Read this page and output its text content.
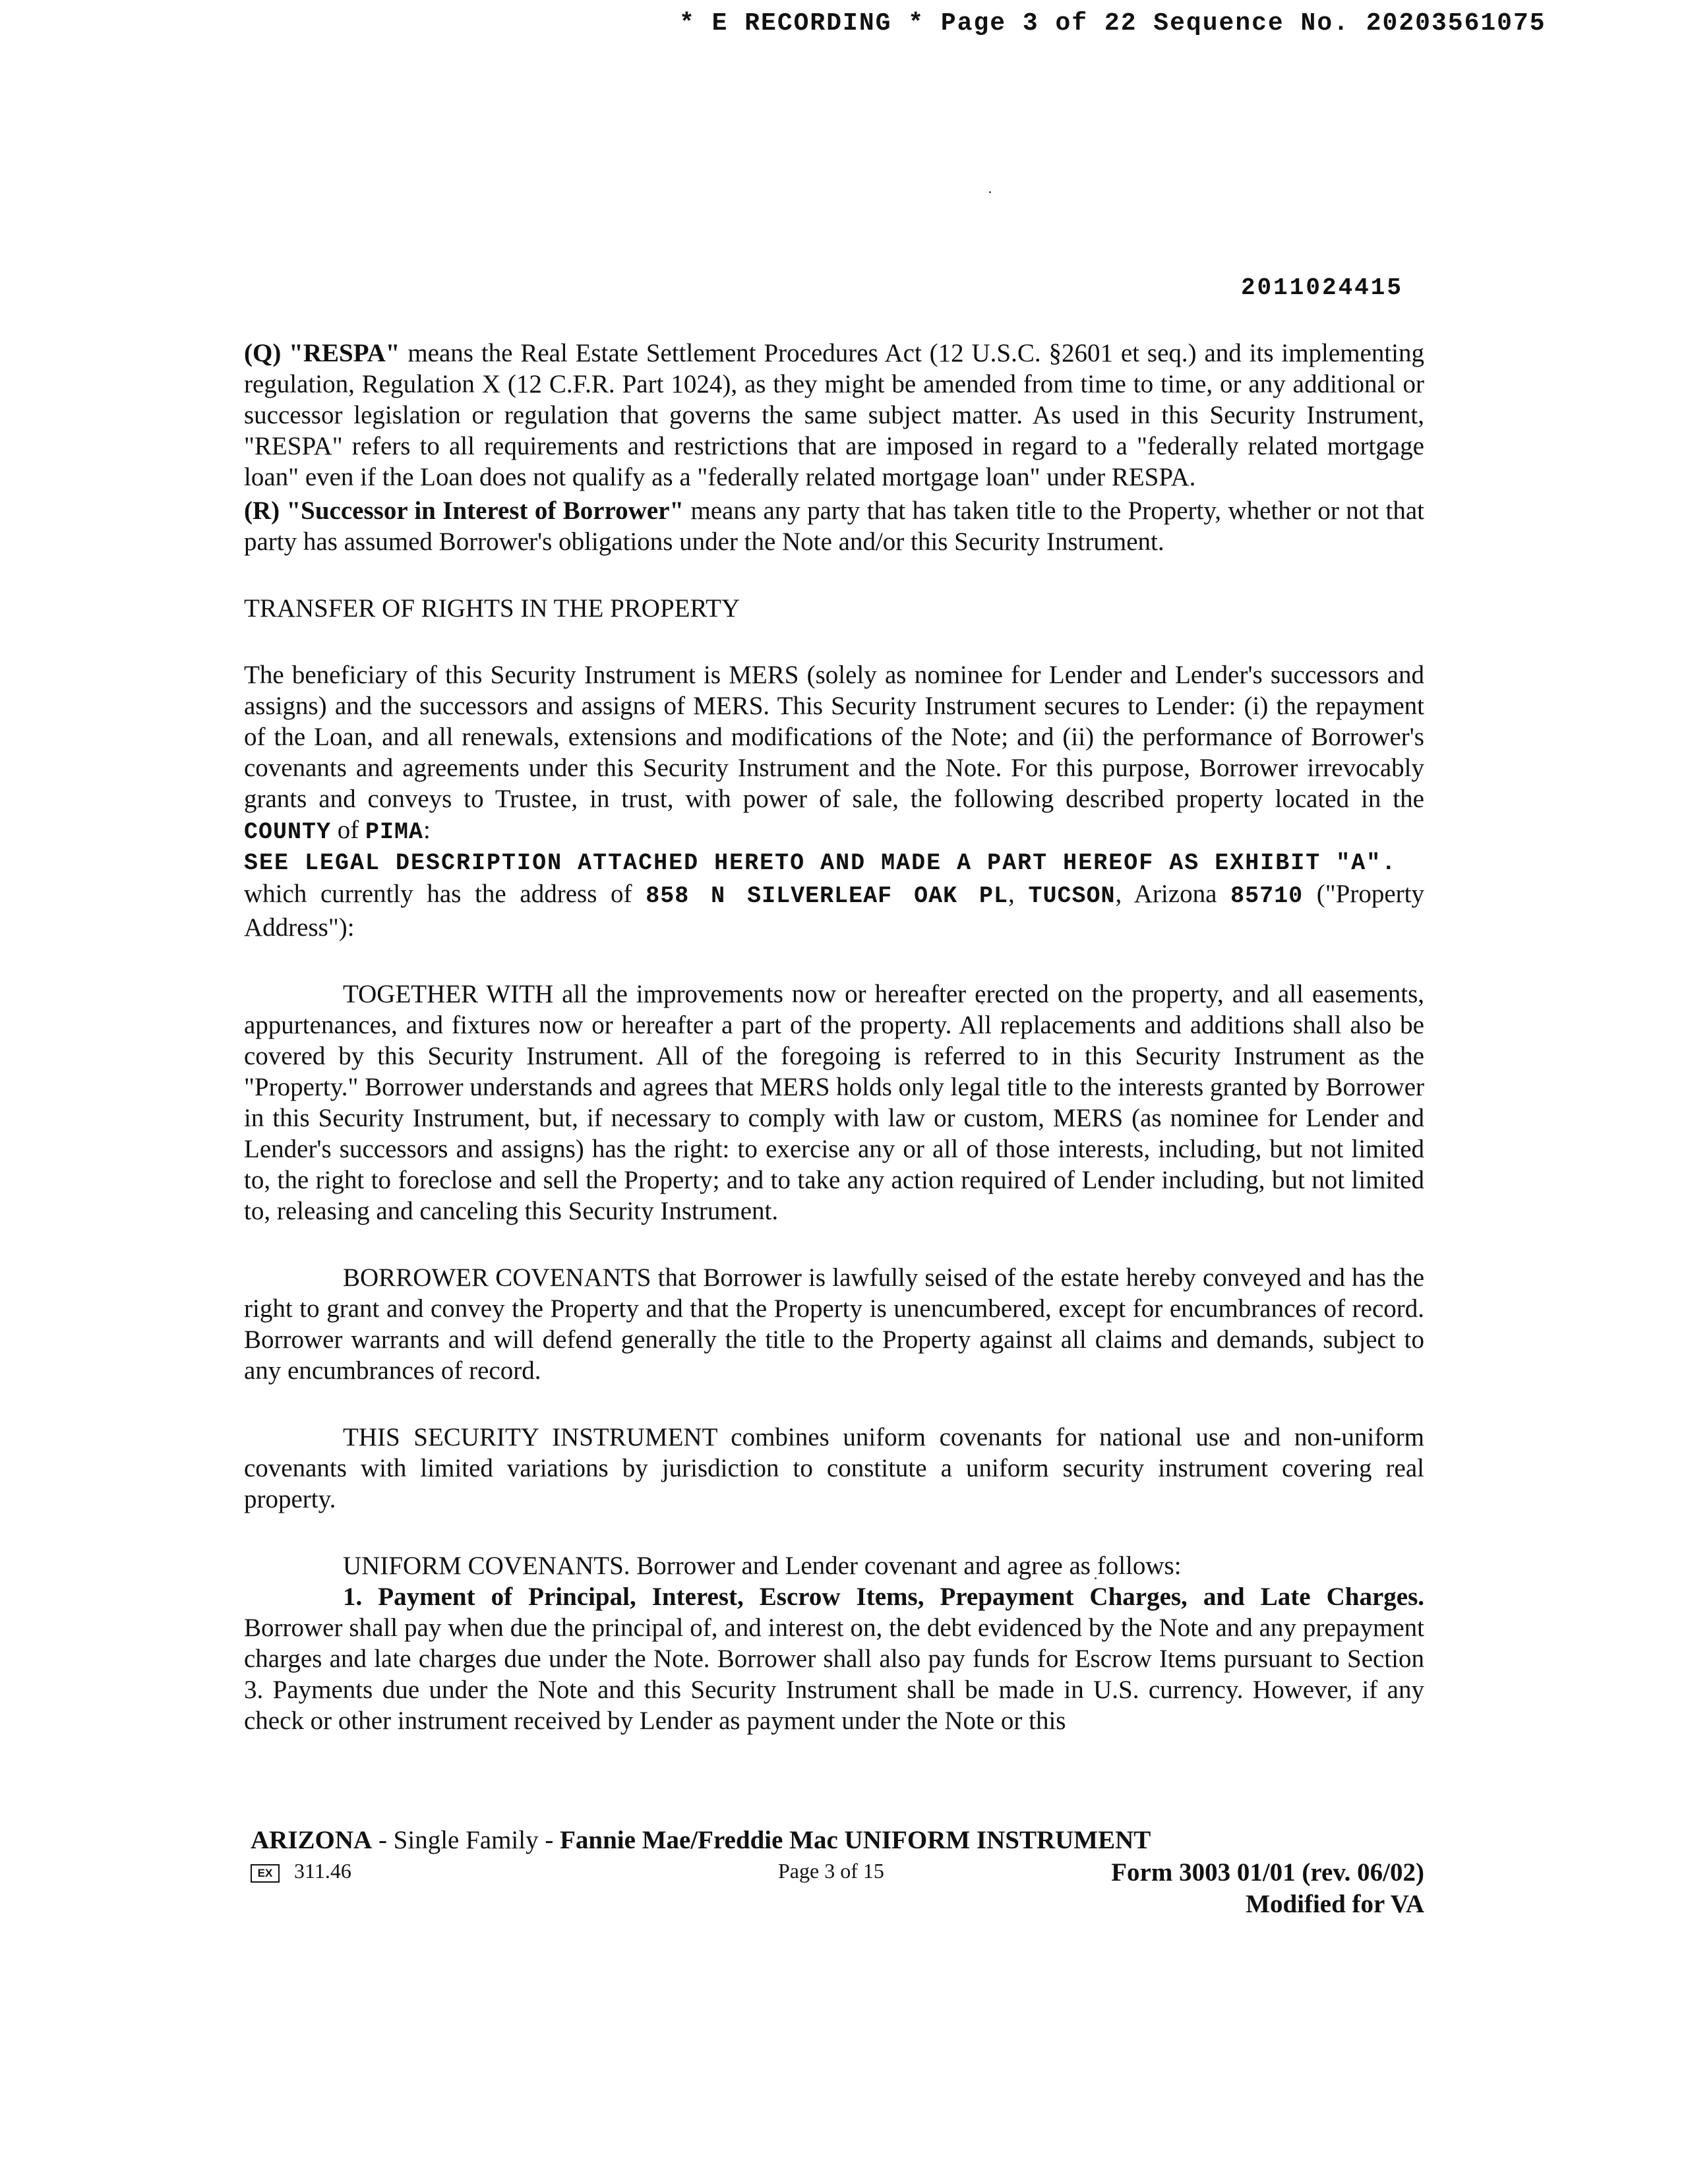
* E RECORDING * Page 3 of 22 Sequence No. 20203561075
2011024415

(Q) "RESPA" means the Real Estate Settlement Procedures Act (12 U.S.C. §2601 et seq.) and its implementing regulation, Regulation X (12 C.F.R. Part 1024), as they might be amended from time to time, or any additional or successor legislation or regulation that governs the same subject matter. As used in this Security Instrument, "RESPA" refers to all requirements and restrictions that are imposed in regard to a "federally related mortgage loan" even if the Loan does not qualify as a "federally related mortgage loan" under RESPA.

(R) "Successor in Interest of Borrower" means any party that has taken title to the Property, whether or not that party has assumed Borrower's obligations under the Note and/or this Security Instrument.

TRANSFER OF RIGHTS IN THE PROPERTY

The beneficiary of this Security Instrument is MERS (solely as nominee for Lender and Lender's successors and assigns) and the successors and assigns of MERS. This Security Instrument secures to Lender: (i) the repayment of the Loan, and all renewals, extensions and modifications of the Note; and (ii) the performance of Borrower's covenants and agreements under this Security Instrument and the Note. For this purpose, Borrower irrevocably grants and conveys to Trustee, in trust, with power of sale, the following described property located in the COUNTY of PIMA:

SEE LEGAL DESCRIPTION ATTACHED HERETO AND MADE A PART HEREOF AS EXHIBIT "A".

which currently has the address of 858 N SILVERLEAF OAK PL, TUCSON, Arizona 85710 ("Property Address"):

TOGETHER WITH all the improvements now or hereafter erected on the property, and all easements, appurtenances, and fixtures now or hereafter a part of the property. All replacements and additions shall also be covered by this Security Instrument. All of the foregoing is referred to in this Security Instrument as the "Property." Borrower understands and agrees that MERS holds only legal title to the interests granted by Borrower in this Security Instrument, but, if necessary to comply with law or custom, MERS (as nominee for Lender and Lender's successors and assigns) has the right: to exercise any or all of those interests, including, but not limited to, the right to foreclose and sell the Property; and to take any action required of Lender including, but not limited to, releasing and canceling this Security Instrument.

BORROWER COVENANTS that Borrower is lawfully seised of the estate hereby conveyed and has the right to grant and convey the Property and that the Property is unencumbered, except for encumbrances of record. Borrower warrants and will defend generally the title to the Property against all claims and demands, subject to any encumbrances of record.

THIS SECURITY INSTRUMENT combines uniform covenants for national use and non-uniform covenants with limited variations by jurisdiction to constitute a uniform security instrument covering real property.

UNIFORM COVENANTS. Borrower and Lender covenant and agree as follows:

1. Payment of Principal, Interest, Escrow Items, Prepayment Charges, and Late Charges. Borrower shall pay when due the principal of, and interest on, the debt evidenced by the Note and any prepayment charges and late charges due under the Note. Borrower shall also pay funds for Escrow Items pursuant to Section 3. Payments due under the Note and this Security Instrument shall be made in U.S. currency. However, if any check or other instrument received by Lender as payment under the Note or this

ARIZONA - Single Family - Fannie Mae/Freddie Mac UNIFORM INSTRUMENT
EX	311.46	Page 3 of 15	Form 3003 01/01 (rev. 06/02)
Modified for VA
